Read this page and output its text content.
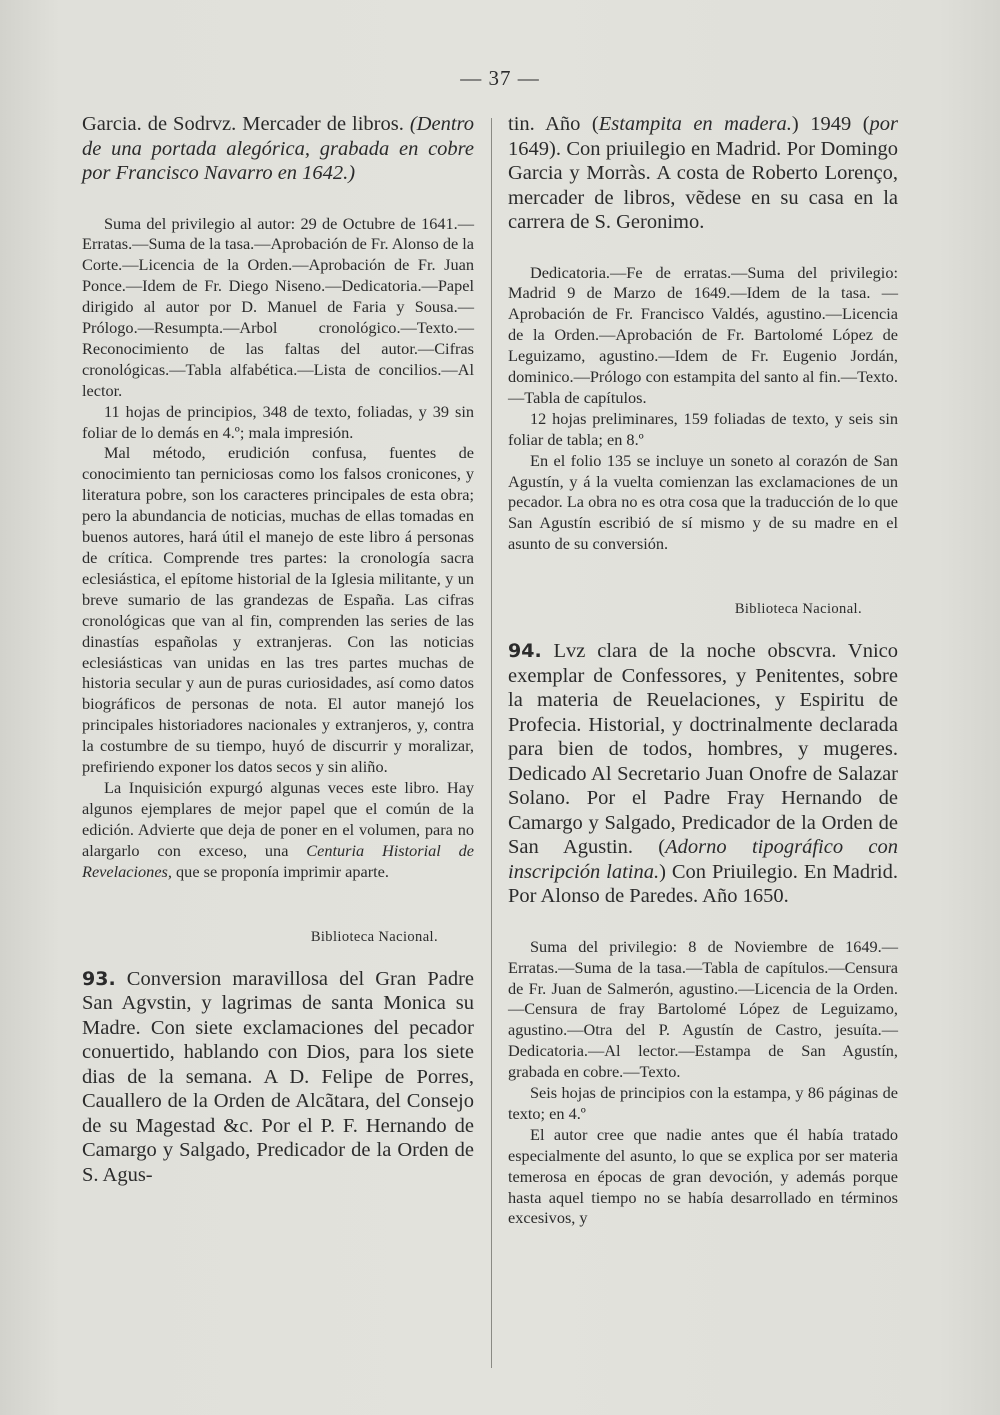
— 37 —

Garcia. de Sodrvz. Mercader de libros. (Dentro de una portada alegórica, grabada en cobre por Francisco Navarro en 1642.)

Suma del privilegio al autor: 29 de Octubre de 1641.—Erratas.—Suma de la tasa.—Aprobación de Fr. Alonso de la Corte.—Licencia de la Orden.—Aprobación de Fr. Juan Ponce.—Idem de Fr. Diego Niseno.—Dedicatoria.—Papel dirigido al autor por D. Manuel de Faria y Sousa.—Prólogo.—Resumpta.—Arbol cronológico.—Texto.—Reconocimiento de las faltas del autor.—Cifras cronológicas.—Tabla alfabética.—Lista de concilios.—Al lector.

11 hojas de principios, 348 de texto, foliadas, y 39 sin foliar de lo demás en 4.º; mala impresión.

Mal método, erudición confusa, fuentes de conocimiento tan perniciosas como los falsos cronicones, y literatura pobre, son los caracteres principales de esta obra; pero la abundancia de noticias, muchas de ellas tomadas en buenos autores, hará útil el manejo de este libro á personas de crítica. Comprende tres partes: la cronología sacra eclesiástica, el epítome historial de la Iglesia militante, y un breve sumario de las grandezas de España. Las cifras cronológicas que van al fin, comprenden las series de las dinastías españolas y extranjeras. Con las noticias eclesiásticas van unidas en las tres partes muchas de historia secular y aun de puras curiosidades, así como datos biográficos de personas de nota. El autor manejó los principales historiadores nacionales y extranjeros, y, contra la costumbre de su tiempo, huyó de discurrir y moralizar, prefiriendo exponer los datos secos y sin aliño.

La Inquisición expurgó algunas veces este libro. Hay algunos ejemplares de mejor papel que el común de la edición. Advierte que deja de poner en el volumen, para no alargarlo con exceso, una Centuria Historial de Revelaciones, que se proponía imprimir aparte.

Biblioteca Nacional.

93. Conversion maravillosa del Gran Padre San Agvstin, y lagrimas de santa Monica su Madre. Con siete exclamaciones del pecador conuertido, hablando con Dios, para los siete dias de la semana. A D. Felipe de Porres, Cauallero de la Orden de Alcãtara, del Consejo de su Magestad &c. Por el P. F. Hernando de Camargo y Salgado, Predicador de la Orden de S. Agus-

tin. Año (Estampita en madera.) 1949 (por 1649). Con priuilegio en Madrid. Por Domingo Garcia y Morràs. A costa de Roberto Lorenço, mercader de libros, vẽdese en su casa en la carrera de S. Geronimo.

Dedicatoria.—Fe de erratas.—Suma del privilegio: Madrid 9 de Marzo de 1649.—Idem de la tasa. — Aprobación de Fr. Francisco Valdés, agustino.—Licencia de la Orden.—Aprobación de Fr. Bartolomé López de Leguizamo, agustino.—Idem de Fr. Eugenio Jordán, dominico.—Prólogo con estampita del santo al fin.—Texto.—Tabla de capítulos.

12 hojas preliminares, 159 foliadas de texto, y seis sin foliar de tabla; en 8.º

En el folio 135 se incluye un soneto al corazón de San Agustín, y á la vuelta comienzan las exclamaciones de un pecador. La obra no es otra cosa que la traducción de lo que San Agustín escribió de sí mismo y de su madre en el asunto de su conversión.

Biblioteca Nacional.

94. Lvz clara de la noche obscvra. Vnico exemplar de Confessores, y Penitentes, sobre la materia de Reuelaciones, y Espiritu de Profecia. Historial, y doctrinalmente declarada para bien de todos, hombres, y mugeres. Dedicado Al Secretario Juan Onofre de Salazar Solano. Por el Padre Fray Hernando de Camargo y Salgado, Predicador de la Orden de San Agustin. (Adorno tipográfico con inscripción latina.) Con Priuilegio. En Madrid. Por Alonso de Paredes. Año 1650.

Suma del privilegio: 8 de Noviembre de 1649.—Erratas.—Suma de la tasa.—Tabla de capítulos.—Censura de Fr. Juan de Salmerón, agustino.—Licencia de la Orden.—Censura de fray Bartolomé López de Leguizamo, agustino.—Otra del P. Agustín de Castro, jesuíta.—Dedicatoria.—Al lector.—Estampa de San Agustín, grabada en cobre.—Texto.

Seis hojas de principios con la estampa, y 86 páginas de texto; en 4.º

El autor cree que nadie antes que él había tratado especialmente del asunto, lo que se explica por ser materia temerosa en épocas de gran devoción, y además porque hasta aquel tiempo no se había desarrollado en términos excesivos, y
